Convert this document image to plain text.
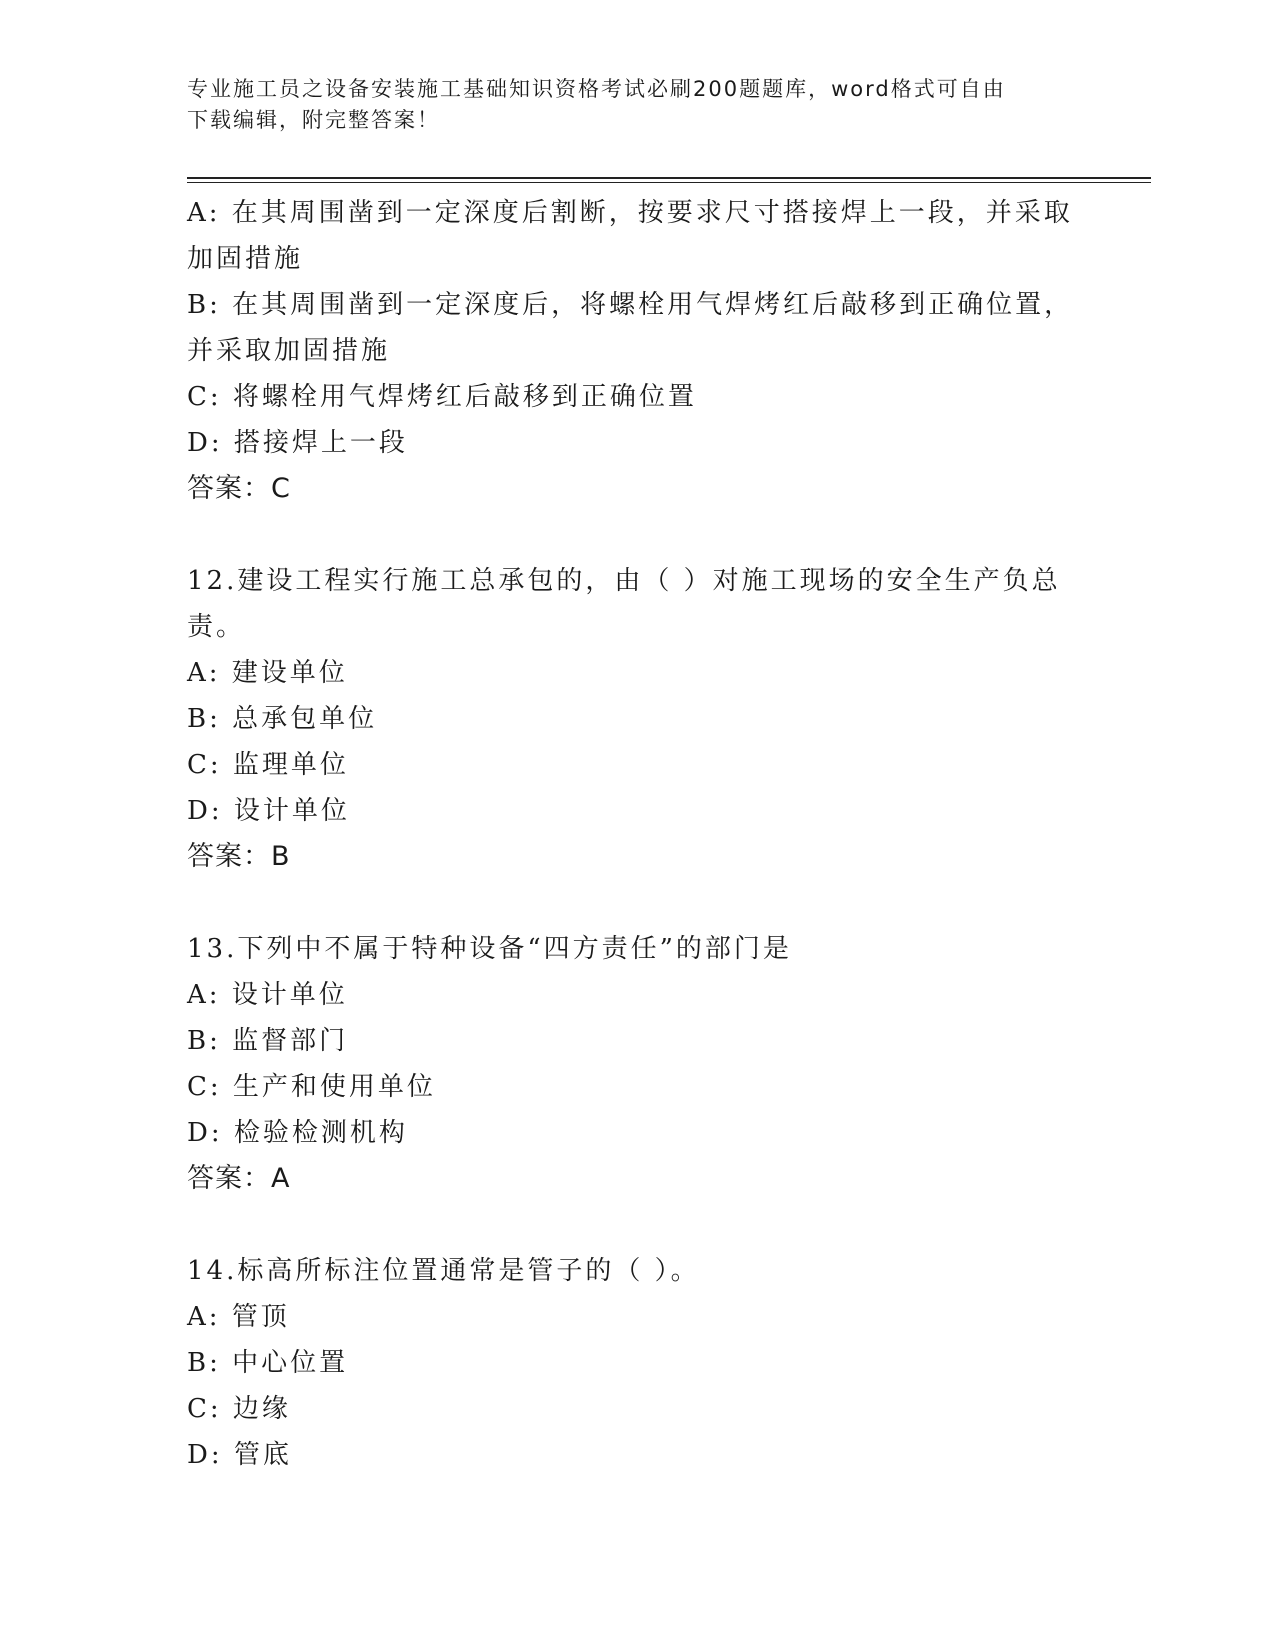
专业施工员之设备安装施工基础知识资格考试必刷200题题库，word格式可自由
下载编辑，附完整答案！
A: 在其周围凿到一定深度后割断，按要求尺寸搭接焊上一段，并采取
加固措施
B: 在其周围凿到一定深度后，将螺栓用气焊烤红后敲移到正确位置，
并采取加固措施
C: 将螺栓用气焊烤红后敲移到正确位置
D: 搭接焊上一段
答案：C
12.建设工程实行施工总承包的，由（ ）对施工现场的安全生产负总
责。
A: 建设单位
B: 总承包单位
C: 监理单位
D: 设计单位
答案：B
13.下列中不属于特种设备“四方责任”的部门是
A: 设计单位
B: 监督部门
C: 生产和使用单位
D: 检验检测机构
答案：A
14.标高所标注位置通常是管子的（ ）。
A: 管顶
B: 中心位置
C: 边缘
D: 管底
